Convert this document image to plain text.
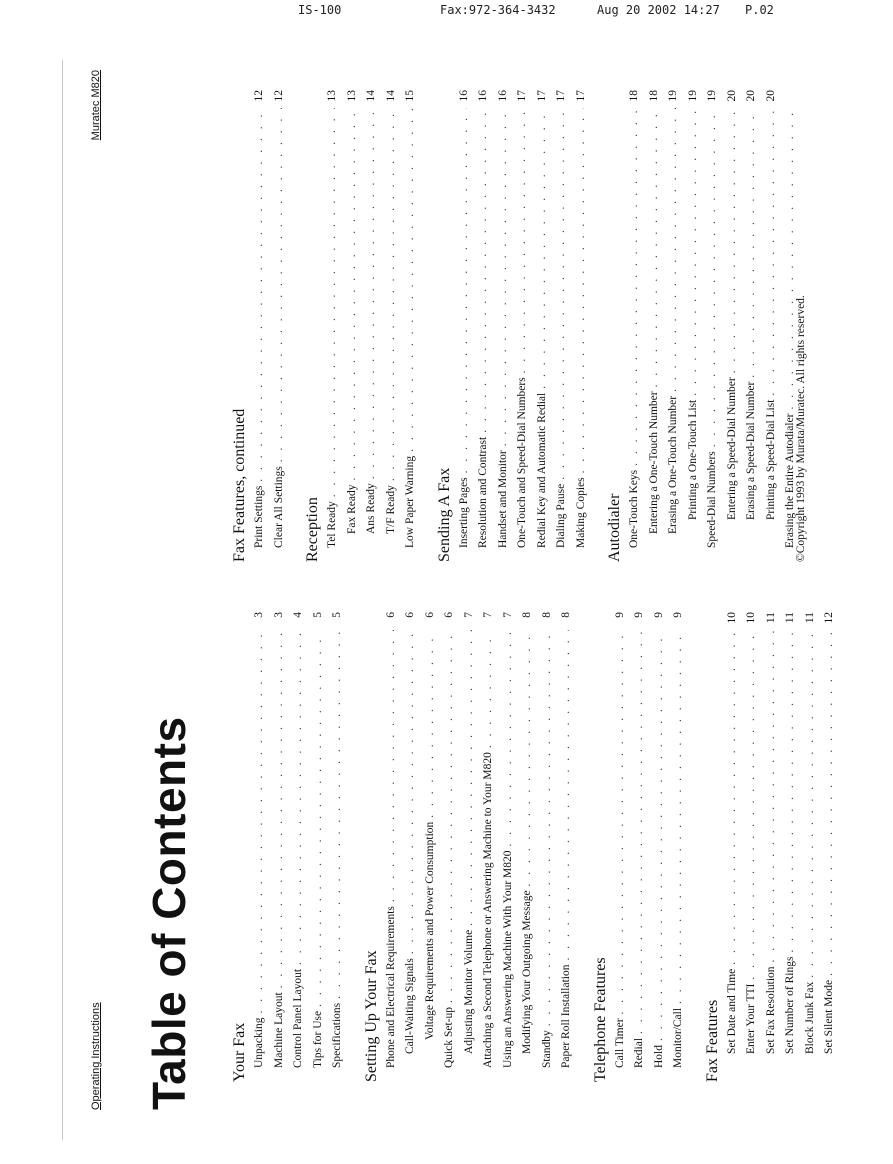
IS-100	Fax:972-364-3432	Aug 20 2002 14:27 P.02
Operating Instructions
Muratec M820
Table of Contents Your Fax Unpacking
. . .
3
Machine Layout
. . .
3
Control Panel Layout
. . .
4
Tips for Use
. . .
5
Specifications
. . .
5
Setting Up Your Fax Phone and Electrical Requirements
. . .
6
Call-Waiting Signals
. . .
6
Voltage Requirements and Power Consumption
. . .
6
Quick Set-up
. . .
6
Adjusting Monitor Volume
. . .
7
Attaching a Second Telephone or Answering Machine to Your M820
. . .
7
Using an Answering Machine With Your M820
. . .
7
Modifying Your Outgoing Message
. . .
8
Standby
. . .
8
Paper Roll Installation
. . .
8
Telephone Features Call Timer
. . .
9
Redial
. . .
9
Hold
. . .
9
Monitor/Call
. . .
9
Fax Features Set Date and Time
. . .
10
Enter Your TTI
. . .
10
Set Fax Resolution
. . .
11
Set Number of Rings
. . .
11
Block Junk Fax
. . .
11
Set Silent Mode
. . .
12
Fax Features, continued Print Settings
. . .
12
Clear All Settings
. . .
12
Reception Tel Ready
. . .
13
Fax Ready
. . .
13
Ans Ready
. . .
14
T/F Ready
. . .
14
Low Paper Warning
. . .
15
Sending A Fax Inserting Pages
. . .
16
Resolution and Contrast
. . .
16
Handset and Monitor
. . .
16
One-Touch and Speed-Dial Numbers
. . .
17
Redial Key and Automatic Redial
. . .
17
Dialing Pause
. . .
17
Making Copies
. . .
17
Autodialer One-Touch Keys
. . .
18
Entering a One-Touch Number
. . .
18
Erasing a One-Touch Number
. . .
19
Printing a One-Touch List
. . .
19
Speed-Dial Numbers
. . .
19
Entering a Speed-Dial Number
. . .
20
Erasing a Speed-Dial Number
. . .
20
Printing a Speed-Dial List
. . .
20
Erasing the Entire Autodialer
. . . ©Copyright 1993 by Murata/Muratec. All rights reserved.
